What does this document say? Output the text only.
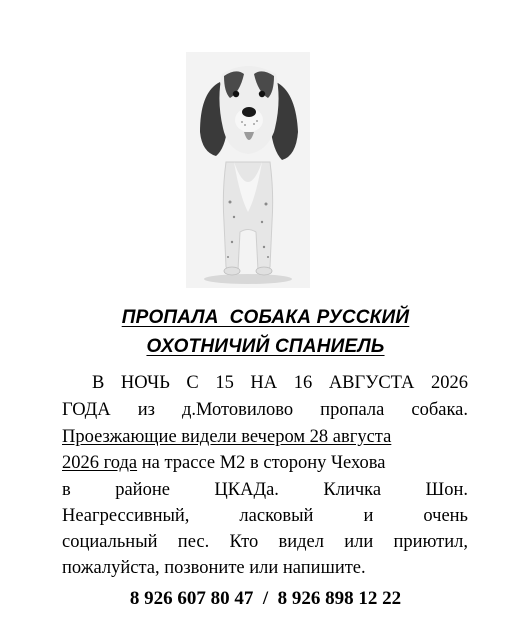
ПРОПАЛА  СОБАКА РУССКИЙ
ОХОТНИЧИЙ СПАНИЕЛЬ
В НОЧЬ С 15 НА 16 АВГУСТА 2026
ГОДА из д.Мотовилово пропала собака.
Проезжающие видели вечером 28 августа
2026 года на трассе М2 в сторону Чехова
в районе ЦКАДа. Кличка Шон.
Неагрессивный, ласковый и очень
социальный пес. Кто видел или приютил,
пожалуйста, позвоните или напишите.
8 926 607 80 47  /  8 926 898 12 22
